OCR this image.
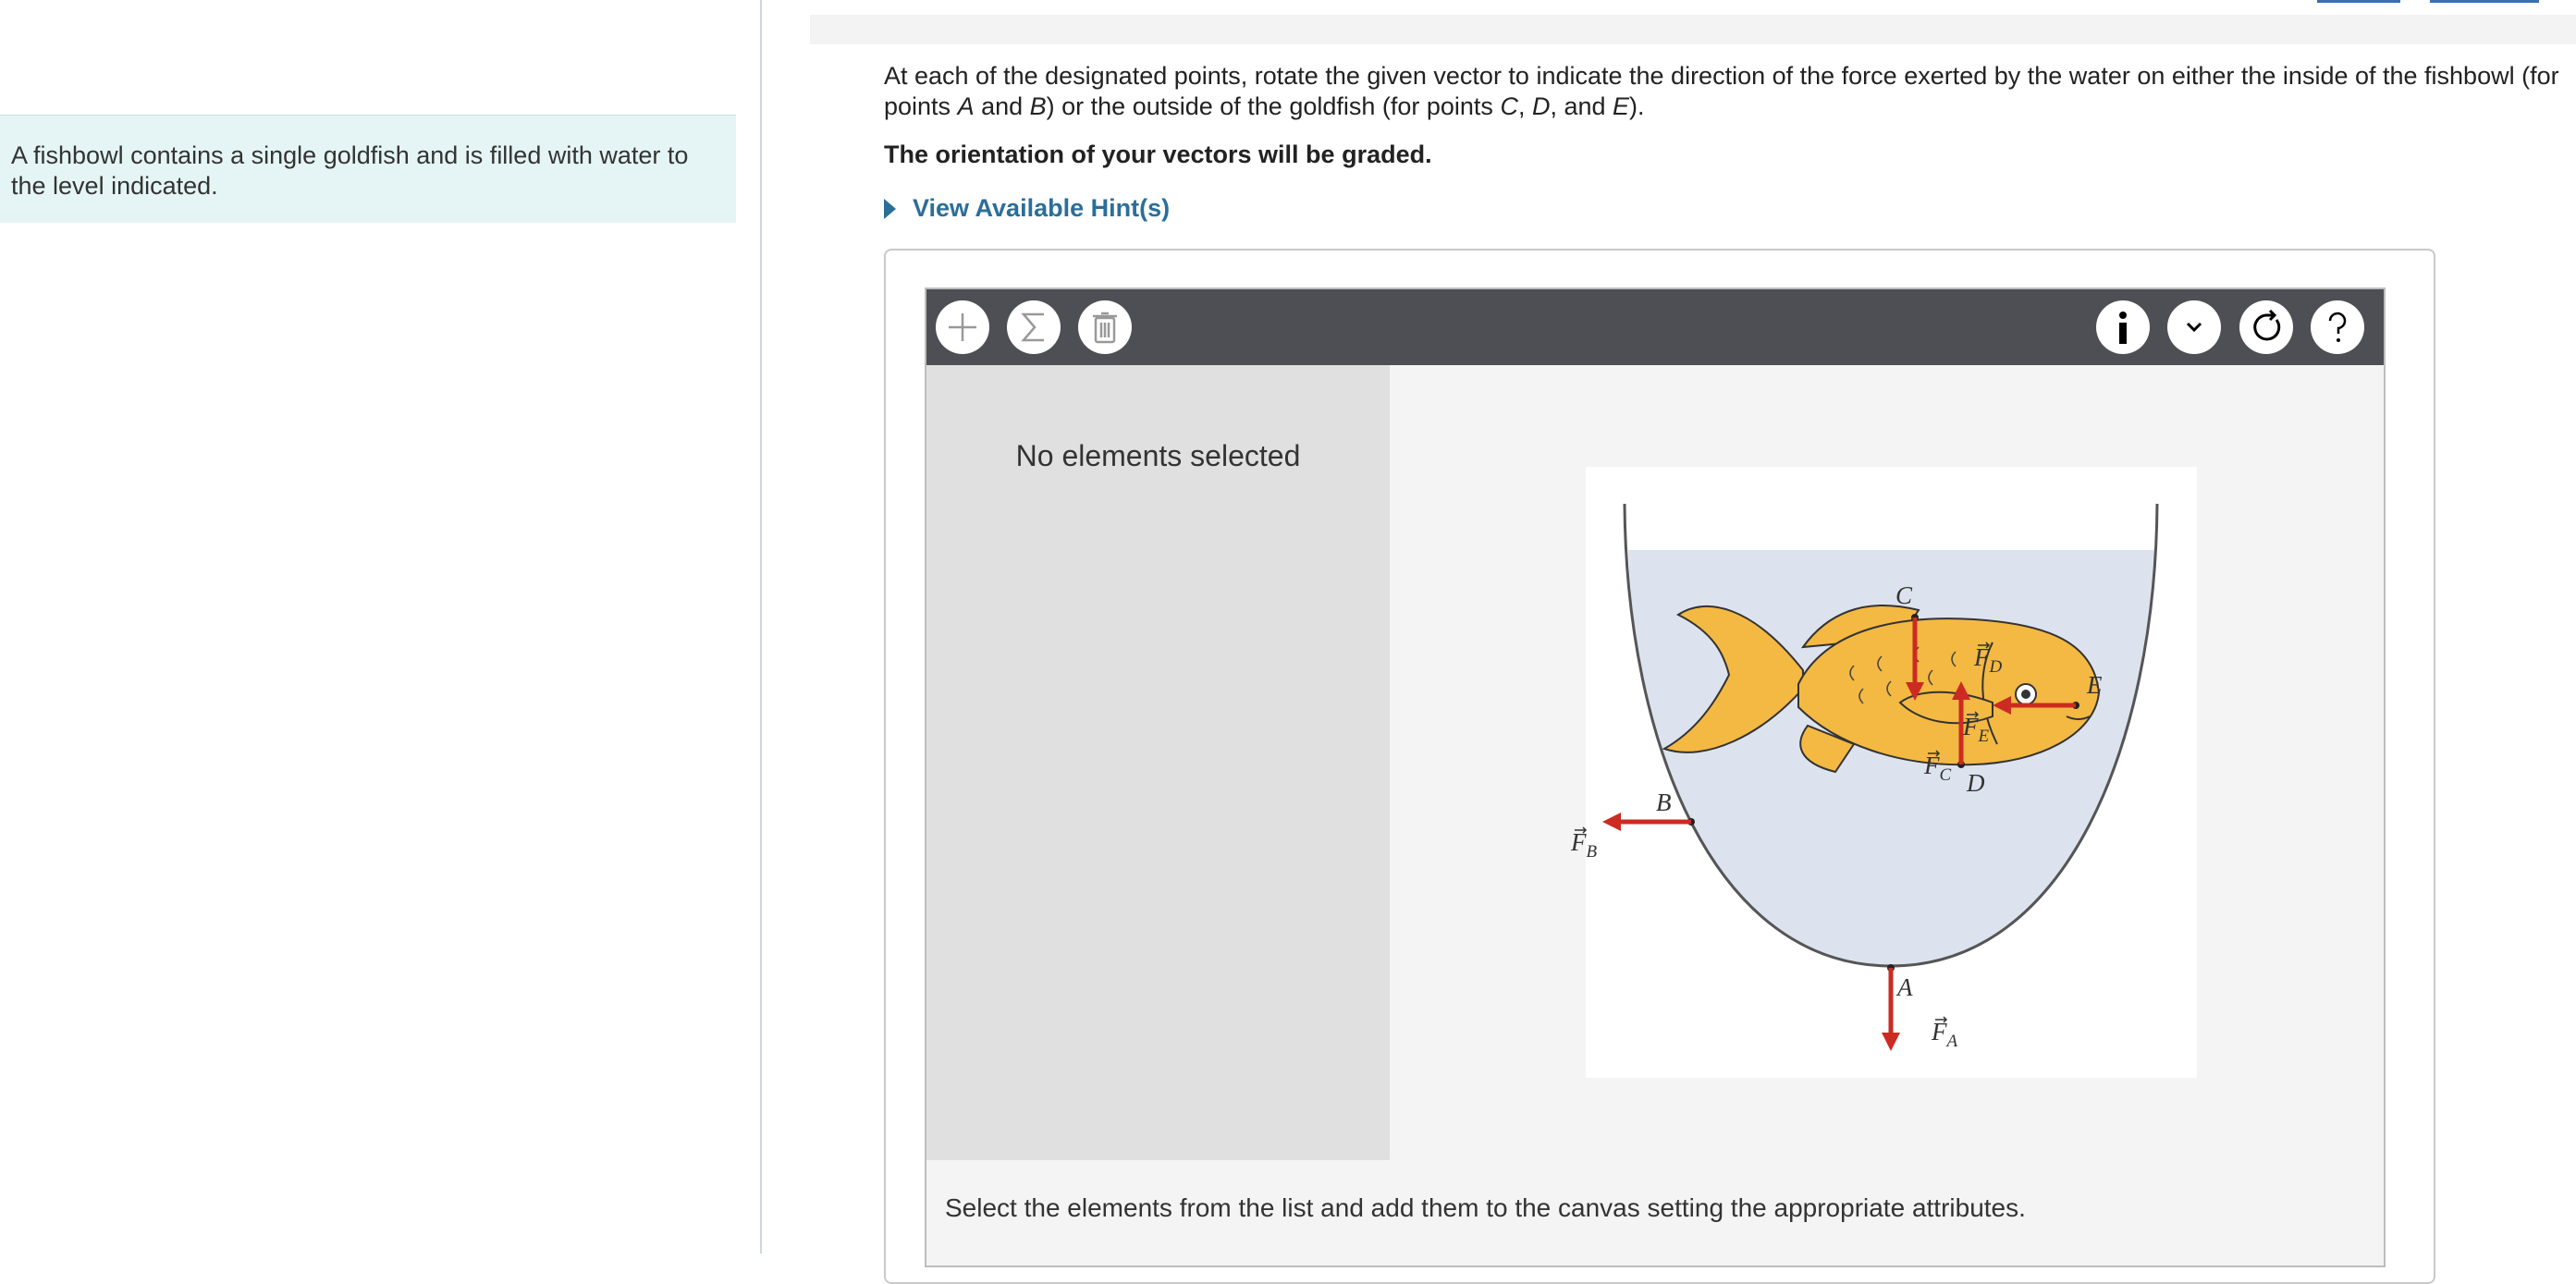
A fishbowl contains a single goldfish and is filled with water to the level indicated.

At each of the designated points, rotate the given vector to indicate the direction of the force exerted by the water on either the inside of the fishbowl (for points A and B) or the outside of the goldfish (for points C, D, and E).

The orientation of your vectors will be graded.
View Available Hint(s)
No elements selected
A
B
C
D
E
$F_A$
$F_B$
$F_C$
$F_D$
$F_E$
Select the elements from the list and add them to the canvas setting the appropriate attributes.
